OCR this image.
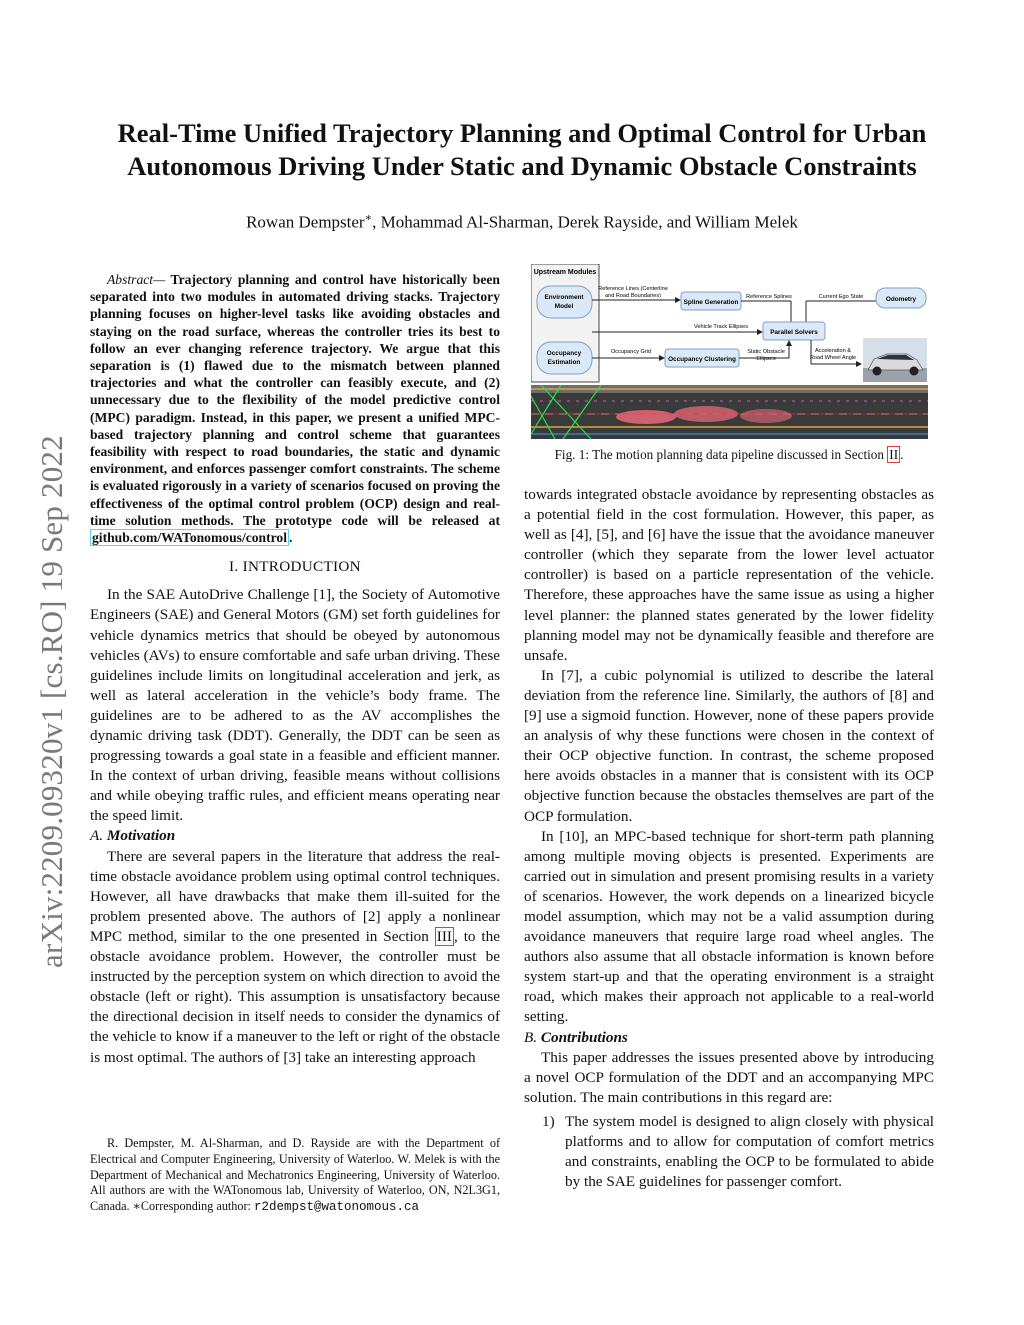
arXiv:2209.09320v1 [cs.RO] 19 Sep 2022
Real-Time Unified Trajectory Planning and Optimal Control for Urban
Autonomous Driving Under Static and Dynamic Obstacle Constraints
Rowan Dempster∗, Mohammad Al-Sharman, Derek Rayside, and William Melek

Abstract— Trajectory planning and control have historically been separated into two modules in automated driving stacks. Trajectory planning focuses on higher-level tasks like avoiding obstacles and staying on the road surface, whereas the controller tries its best to follow an ever changing reference trajectory. We argue that this separation is (1) flawed due to the mismatch between planned trajectories and what the controller can feasibly execute, and (2) unnecessary due to the flexibility of the model predictive control (MPC) paradigm. Instead, in this paper, we present a unified MPC-based trajectory planning and control scheme that guarantees feasibility with respect to road boundaries, the static and dynamic environment, and enforces passenger comfort constraints. The scheme is evaluated rigorously in a variety of scenarios focused on proving the effectiveness of the optimal control problem (OCP) design and real-time solution methods. The prototype code will be released at github.com/WATonomous/control .

I. INTRODUCTION

In the SAE AutoDrive Challenge [1], the Society of Automotive Engineers (SAE) and General Motors (GM) set forth guidelines for vehicle dynamics metrics that should be obeyed by autonomous vehicles (AVs) to ensure comfortable and safe urban driving. These guidelines include limits on longitudinal acceleration and jerk, as well as lateral acceleration in the vehicle’s body frame. The guidelines are to be adhered to as the AV accomplishes the dynamic driving task (DDT). Generally, the DDT can be seen as progressing towards a goal state in a feasible and efficient manner. In the context of urban driving, feasible means without collisions and while obeying traffic rules, and efficient means operating near the speed limit.

A. Motivation

There are several papers in the literature that address the real-time obstacle avoidance problem using optimal control techniques. However, all have drawbacks that make them ill-suited for the problem presented above. The authors of [2] apply a nonlinear MPC method, similar to the one presented in Section III , to the obstacle avoidance problem. However, the controller must be instructed by the perception system on which direction to avoid the obstacle (left or right). This assumption is unsatisfactory because the directional decision in itself needs to consider the dynamics of the vehicle to know if a maneuver to the left or right of the obstacle is most optimal. The authors of [3] take an interesting approach

R. Dempster, M. Al-Sharman, and D. Rayside are with the Department of Electrical and Computer Engineering, University of Waterloo. W. Melek is with the Department of Mechanical and Mechatronics Engineering, University of Waterloo. All authors are with the WATonomous lab, University of Waterloo, ON, N2L3G1, Canada. ∗Corresponding author: r2dempst@watonomous.ca

Upstream Modules
Environment
Model
Occupancy
Estimation
Reference Lines (Centerline
and Road Boundaries)
Spline Generation
Reference Splines	Current Ego State	Odometry
Vehicle Track Ellipses
Parallel Solvers
Occupancy Grid
Occupancy Clustering
Static Obstacle
Ellipses
Acceleration &
Road Wheel Angle
Fig. 1: The motion planning data pipeline discussed in Section II .

towards integrated obstacle avoidance by representing obstacles as a potential field in the cost formulation. However, this paper, as well as [4], [5], and [6] have the issue that the avoidance maneuver controller (which they separate from the lower level actuator controller) is based on a particle representation of the vehicle. Therefore, these approaches have the same issue as using a higher level planner: the planned states generated by the lower fidelity planning model may not be dynamically feasible and therefore are unsafe.

In [7], a cubic polynomial is utilized to describe the lateral deviation from the reference line. Similarly, the authors of [8] and [9] use a sigmoid function. However, none of these papers provide an analysis of why these functions were chosen in the context of their OCP objective function. In contrast, the scheme proposed here avoids obstacles in a manner that is consistent with its OCP objective function because the obstacles themselves are part of the OCP formulation.

In [10], an MPC-based technique for short-term path planning among multiple moving objects is presented. Experiments are carried out in simulation and present promising results in a variety of scenarios. However, the work depends on a linearized bicycle model assumption, which may not be a valid assumption during avoidance maneuvers that require large road wheel angles. The authors also assume that all obstacle information is known before system start-up and that the operating environment is a straight road, which makes their approach not applicable to a real-world setting.

B. Contributions

This paper addresses the issues presented above by introducing a novel OCP formulation of the DDT and an accompanying MPC solution. The main contributions in this regard are:

1) The system model is designed to align closely with physical platforms and to allow for computation of comfort metrics and constraints, enabling the OCP to be formulated to abide by the SAE guidelines for passenger comfort.
